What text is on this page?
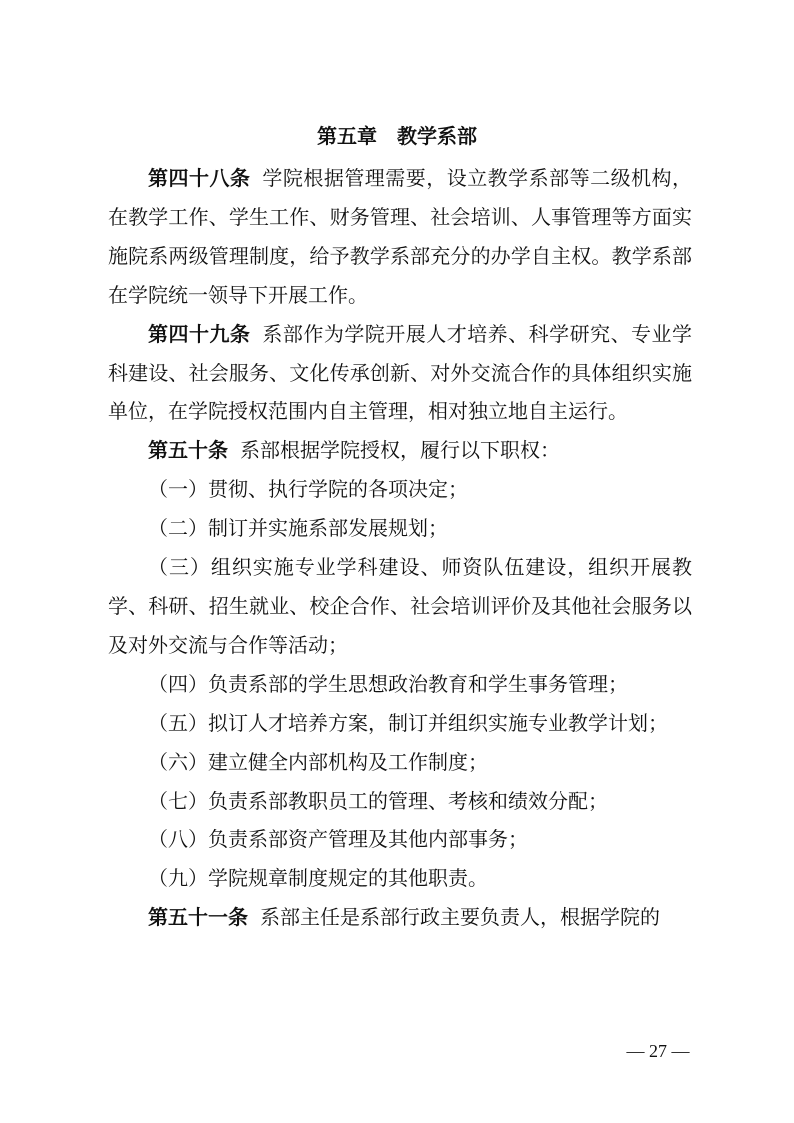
第五章 教学系部

第四十八条 学院根据管理需要，设立教学系部等二级机构，在教学工作、学生工作、财务管理、社会培训、人事管理等方面实施院系两级管理制度，给予教学系部充分的办学自主权。教学系部在学院统一领导下开展工作。

第四十九条 系部作为学院开展人才培养、科学研究、专业学科建设、社会服务、文化传承创新、对外交流合作的具体组织实施单位，在学院授权范围内自主管理，相对独立地自主运行。

第五十条 系部根据学院授权，履行以下职权：

（一）贯彻、执行学院的各项决定；

（二）制订并实施系部发展规划；

（三）组织实施专业学科建设、师资队伍建设，组织开展教学、科研、招生就业、校企合作、社会培训评价及其他社会服务以及对外交流与合作等活动；

（四）负责系部的学生思想政治教育和学生事务管理；

（五）拟订人才培养方案，制订并组织实施专业教学计划；

（六）建立健全内部机构及工作制度；

（七）负责系部教职员工的管理、考核和绩效分配；

（八）负责系部资产管理及其他内部事务；

（九）学院规章制度规定的其他职责。

第五十一条 系部主任是系部行政主要负责人，根据学院的

— 27 —
